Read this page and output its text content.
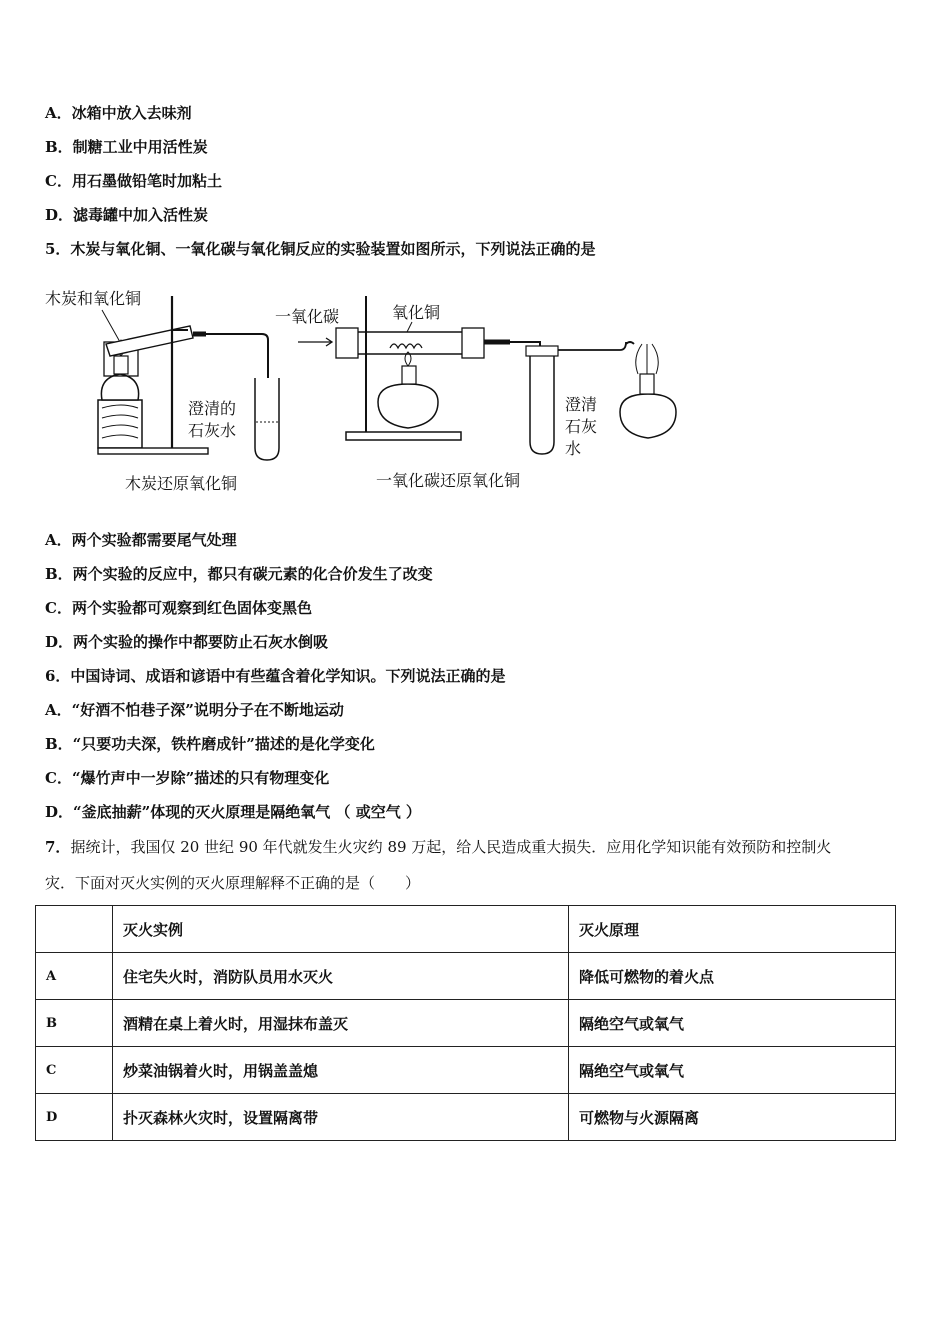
A．冰箱中放入去味剂
B．制糖工业中用活性炭
C．用石墨做铅笔时加粘土
D．滤毒罐中加入活性炭
5．木炭与氧化铜、一氧化碳与氧化铜反应的实验装置如图所示，下列说法正确的是
木炭和氧化铜
澄清的
石灰水
木炭还原氧化铜
一氧化碳	氧化铜
澄清
石灰
水
一氧化碳还原氧化铜
A．两个实验都需要尾气处理
B．两个实验的反应中，都只有碳元素的化合价发生了改变
C．两个实验都可观察到红色固体变黑色
D．两个实验的操作中都要防止石灰水倒吸
6．中国诗词、成语和谚语中有些蕴含着化学知识。下列说法正确的是
A．“好酒不怕巷子深”说明分子在不断地运动
B．“只要功夫深，铁杵磨成针”描述的是化学变化
C．“爆竹声中一岁除”描述的只有物理变化
D．“釜底抽薪”体现的灭火原理是隔绝氧气 （ 或空气 ）
7．据统计，我国仅 20 世纪 90 年代就发生火灾约 89 万起，给人民造成重大损失．应用化学知识能有效预防和控制火
灾．下面对灭火实例的灭火原理解释不正确的是（　　）
	灭火实例	灭火原理
A	住宅失火时，消防队员用水灭火	降低可燃物的着火点
B	酒精在桌上着火时，用湿抹布盖灭	隔绝空气或氧气
C	炒菜油锅着火时，用锅盖盖熄	隔绝空气或氧气
D	扑灭森林火灾时，设置隔离带	可燃物与火源隔离
